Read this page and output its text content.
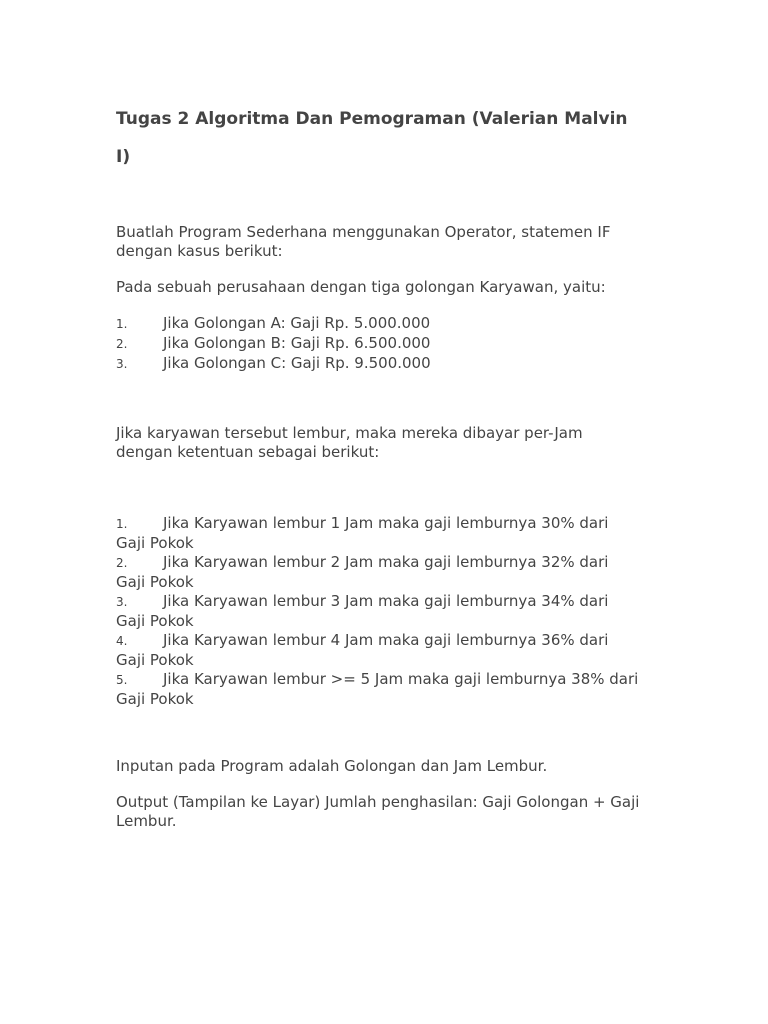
Tugas 2 Algoritma Dan Pemograman (Valerian Malvin I)

Buatlah Program Sederhana menggunakan Operator, statemen IF dengan kasus berikut:

Pada sebuah perusahaan dengan tiga golongan Karyawan, yaitu:

1. Jika Golongan A: Gaji Rp. 5.000.000
2. Jika Golongan B: Gaji Rp. 6.500.000
3. Jika Golongan C: Gaji Rp. 9.500.000

Jika karyawan tersebut lembur, maka mereka dibayar per-Jam dengan ketentuan sebagai berikut:

1. Jika Karyawan lembur 1 Jam maka gaji lemburnya 30% dari Gaji Pokok
2. Jika Karyawan lembur 2 Jam maka gaji lemburnya 32% dari Gaji Pokok
3. Jika Karyawan lembur 3 Jam maka gaji lemburnya 34% dari Gaji Pokok
4. Jika Karyawan lembur 4 Jam maka gaji lemburnya 36% dari Gaji Pokok
5. Jika Karyawan lembur >= 5 Jam maka gaji lemburnya 38% dari Gaji Pokok

Inputan pada Program adalah Golongan dan Jam Lembur.

Output (Tampilan ke Layar) Jumlah penghasilan: Gaji Golongan + Gaji Lembur.
